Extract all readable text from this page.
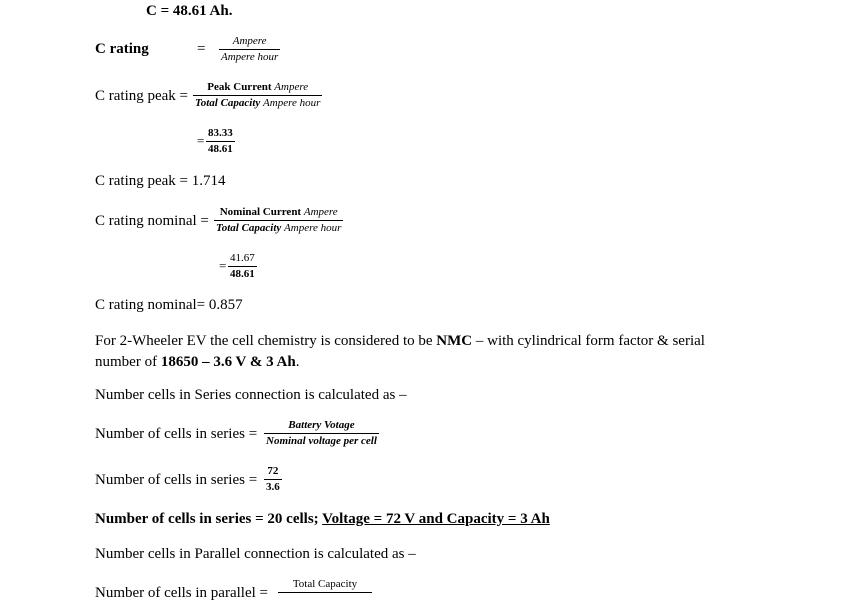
C = 48.61 Ah.
C rating	= Ampere
Ampere hour
C rating peak =
Peak Current Ampere
Total Capacity Ampere hour
= $\frac{83.33}{48.61}$
C rating peak = 1.714
C rating nominal =
Nominal Current Ampere
Total Capacity Ampere hour
= $\frac{41.67}{48.61}$
C rating nominal= 0.857
For 2-Wheeler EV the cell chemistry is considered to be NMC – with cylindrical form factor & serial number of 18650 – 3.6 V & 3 Ah.
Number cells in Series connection is calculated as –
Number of cells in series =
Battery Votage
Nominal voltage per cell
Number of cells in series = $\frac{72}{3.6}$
Number of cells in series = 20 cells; Voltage = 72 V and Capacity = 3 Ah
Number cells in Parallel connection is calculated as –
Number of cells in parallel =
Total Capacity
